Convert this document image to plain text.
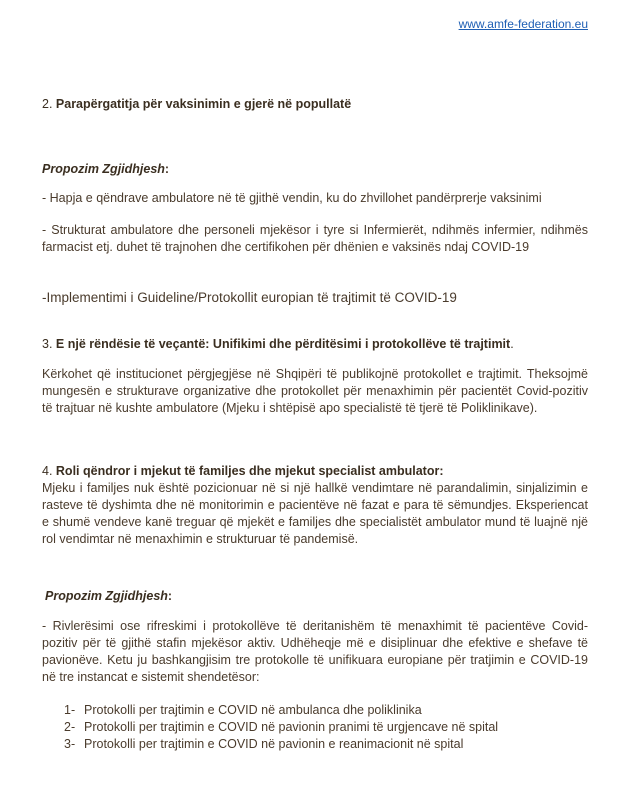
www.amfe-federation.eu
2. Parapërgatitja për vaksinimin e gjerë në popullatë
Propozim Zgjidhjesh:
- Hapja e qëndrave ambulatore në të gjithë vendin, ku do zhvillohet pandërprerje vaksinimi
- Strukturat ambulatore dhe personeli mjekësor i tyre si Infermierët, ndihmës infermier, ndihmës farmacist etj. duhet të trajnohen dhe certifikohen për dhënien e vaksinës ndaj COVID-19
-Implementimi i Guideline/Protokollit europian të trajtimit të COVID-19
3. E një rëndësie të veçantë: Unifikimi dhe përditësimi i protokollëve të trajtimit.
Kërkohet që institucionet përgjegjëse në Shqipëri të publikojnë protokollet e trajtimit. Theksojmë mungesën e strukturave organizative dhe protokollet për menaxhimin për pacientët Covid-pozitiv të trajtuar në kushte ambulatore (Mjeku i shtëpisë apo specialistë të tjerë të Poliklinikave).
4. Roli qëndror i mjekut të familjes dhe mjekut specialist ambulator:
Mjeku i familjes nuk është pozicionuar në si një hallkë vendimtare në parandalimin, sinjalizimin e rasteve të dyshimta dhe në monitorimin e pacientëve në fazat e para të sëmundjes. Eksperiencat e shumë vendeve kanë treguar që mjekët e familjes dhe specialistët ambulator mund të luajnë një rol vendimtar në menaxhimin e strukturuar të pandemisë.
Propozim Zgjidhjesh:
- Rivlerësimi ose rifreskimi i protokollëve të deritanishëm të menaxhimit të pacientëve Covid-pozitiv për të gjithë stafin mjekësor aktiv. Udhëheqje më e disiplinuar dhe efektive e shefave të pavionëve. Ketu ju bashkangjisim tre protokolle të unifikuara europiane për tratjimin e COVID-19 në tre instancat e sistemit shendetësor:
1- Protokolli per trajtimin e COVID në ambulanca dhe poliklinika
2- Protokolli per trajtimin e COVID në pavionin pranimi të urgjencave në spital
3- Protokolli per trajtimin e COVID në pavionin e reanimacionit në spital
